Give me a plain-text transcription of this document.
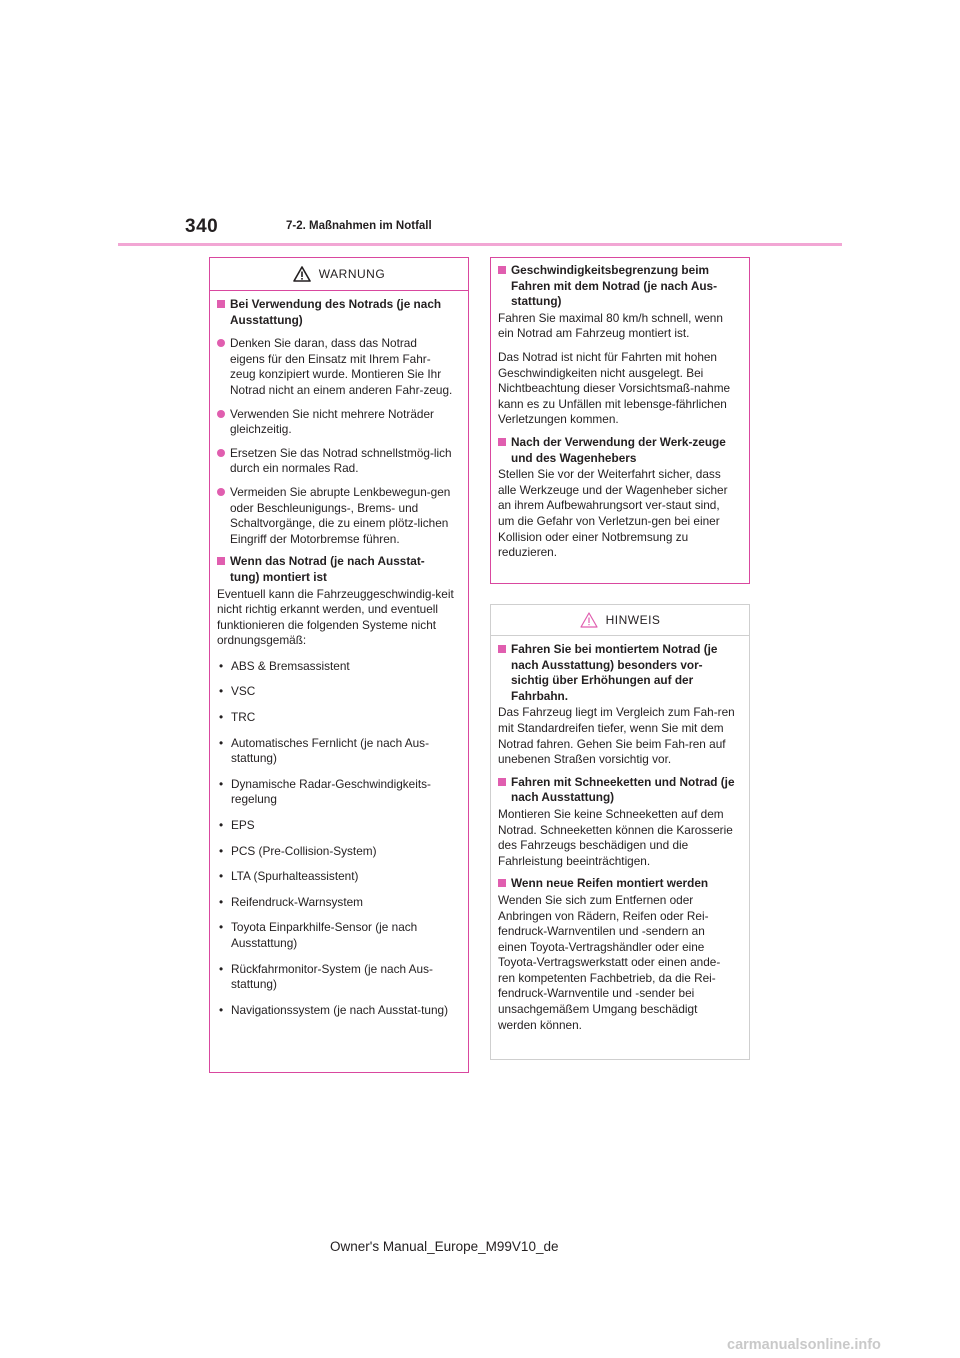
340	7-2. Maßnahmen im Notfall
WARNUNG
Bei Verwendung des Notrads (je nach Ausstattung)
Denken Sie daran, dass das Notrad eigens für den Einsatz mit Ihrem Fahr-zeug konzipiert wurde. Montieren Sie Ihr Notrad nicht an einem anderen Fahr-zeug.
Verwenden Sie nicht mehrere Noträder gleichzeitig.
Ersetzen Sie das Notrad schnellstmög-lich durch ein normales Rad.
Vermeiden Sie abrupte Lenkbewegun-gen oder Beschleunigungs-, Brems- und Schaltvorgänge, die zu einem plötz-lichen Eingriff der Motorbremse führen.
Wenn das Notrad (je nach Ausstat-tung) montiert ist
Eventuell kann die Fahrzeuggeschwindig-keit nicht richtig erkannt werden, und eventuell funktionieren die folgenden Systeme nicht ordnungsgemäß:
• ABS & Bremsassistent
• VSC
• TRC
• Automatisches Fernlicht (je nach Aus-stattung)
• Dynamische Radar-Geschwindigkeits-regelung
• EPS
• PCS (Pre-Collision-System)
• LTA (Spurhalteassistent)
• Reifendruck-Warnsystem
• Toyota Einparkhilfe-Sensor (je nach Ausstattung)
• Rückfahrmonitor-System (je nach Aus-stattung)
• Navigationssystem (je nach Ausstat-tung)
Geschwindigkeitsbegrenzung beim Fahren mit dem Notrad (je nach Aus-stattung)
Fahren Sie maximal 80 km/h schnell, wenn ein Notrad am Fahrzeug montiert ist.
Das Notrad ist nicht für Fahrten mit hohen Geschwindigkeiten nicht ausgelegt. Bei Nichtbeachtung dieser Vorsichtsmaß-nahme kann es zu Unfällen mit lebensge-fährlichen Verletzungen kommen.
Nach der Verwendung der Werk-zeuge und des Wagenhebers
Stellen Sie vor der Weiterfahrt sicher, dass alle Werkzeuge und der Wagenheber sicher an ihrem Aufbewahrungsort ver-staut sind, um die Gefahr von Verletzun-gen bei einer Kollision oder einer Notbremsung zu reduzieren.
HINWEIS
Fahren Sie bei montiertem Notrad (je nach Ausstattung) besonders vor-sichtig über Erhöhungen auf der Fahrbahn.
Das Fahrzeug liegt im Vergleich zum Fah-ren mit Standardreifen tiefer, wenn Sie mit dem Notrad fahren. Gehen Sie beim Fah-ren auf unebenen Straßen vorsichtig vor.
Fahren mit Schneeketten und Notrad (je nach Ausstattung)
Montieren Sie keine Schneeketten auf dem Notrad. Schneeketten können die Karosserie des Fahrzeugs beschädigen und die Fahrleistung beeinträchtigen.
Wenn neue Reifen montiert werden
Wenden Sie sich zum Entfernen oder Anbringen von Rädern, Reifen oder Rei-fendruck-Warnventilen und -sendern an einen Toyota-Vertragshändler oder eine Toyota-Vertragswerkstatt oder einen ande-ren kompetenten Fachbetrieb, da die Rei-fendruck-Warnventile und -sender bei unsachgemäßem Umgang beschädigt werden können.
Owner's Manual_Europe_M99V10_de
carmanualsonline.info
